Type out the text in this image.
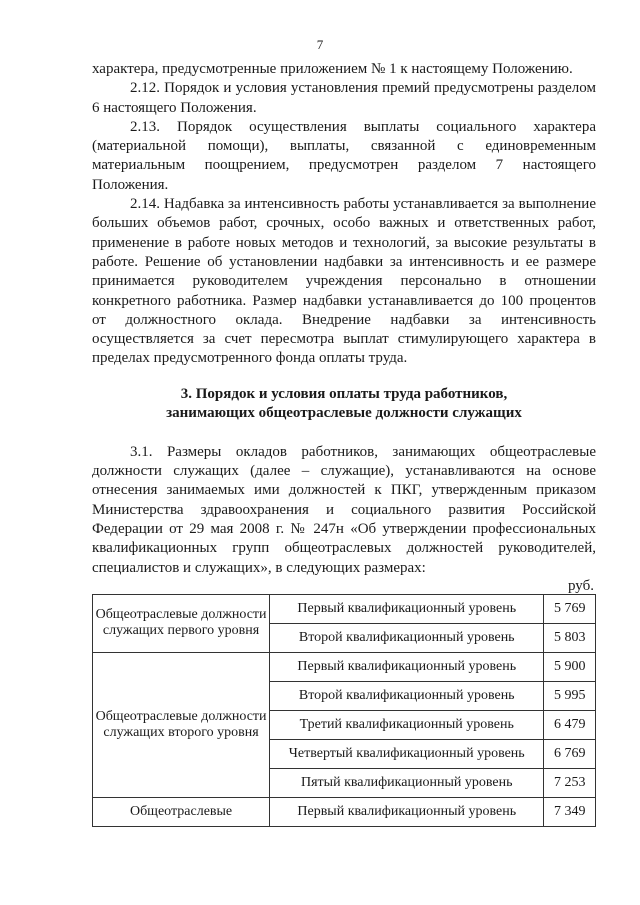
7

характера, предусмотренные приложением № 1 к настоящему Положению.

2.12. Порядок и условия установления премий предусмотрены разделом 6 настоящего Положения.

2.13. Порядок осуществления выплаты социального характера (материальной помощи), выплаты, связанной с единовременным материальным поощрением, предусмотрен разделом 7 настоящего Положения.

2.14. Надбавка за интенсивность работы устанавливается за выполнение больших объемов работ, срочных, особо важных и ответственных работ, применение в работе новых методов и технологий, за высокие результаты в работе. Решение об установлении надбавки за интенсивность и ее размере принимается руководителем учреждения персонально в отношении конкретного работника. Размер надбавки устанавливается до 100 процентов от должностного оклада. Внедрение надбавки за интенсивность осуществляется за счет пересмотра выплат стимулирующего характера в пределах предусмотренного фонда оплаты труда.

3. Порядок и условия оплаты труда работников,
занимающих общеотраслевые должности служащих

3.1. Размеры окладов работников, занимающих общеотраслевые должности служащих (далее – служащие), устанавливаются на основе отнесения занимаемых ими должностей к ПКГ, утвержденным приказом Министерства здравоохранения и социального развития Российской Федерации от 29 мая 2008 г. № 247н «Об утверждении профессиональных квалификационных групп общеотраслевых должностей руководителей, специалистов и служащих», в следующих размерах:

руб.

Общеотраслевые должности служащих первого уровня	Первый квалификационный уровень	5 769
	Второй квалификационный уровень	5 803
Общеотраслевые должности служащих второго уровня	Первый квалификационный уровень	5 900
	Второй квалификационный уровень	5 995
	Третий квалификационный уровень	6 479
	Четвертый квалификационный уровень	6 769
	Пятый квалификационный уровень	7 253
Общеотраслевые	Первый квалификационный уровень	7 349
